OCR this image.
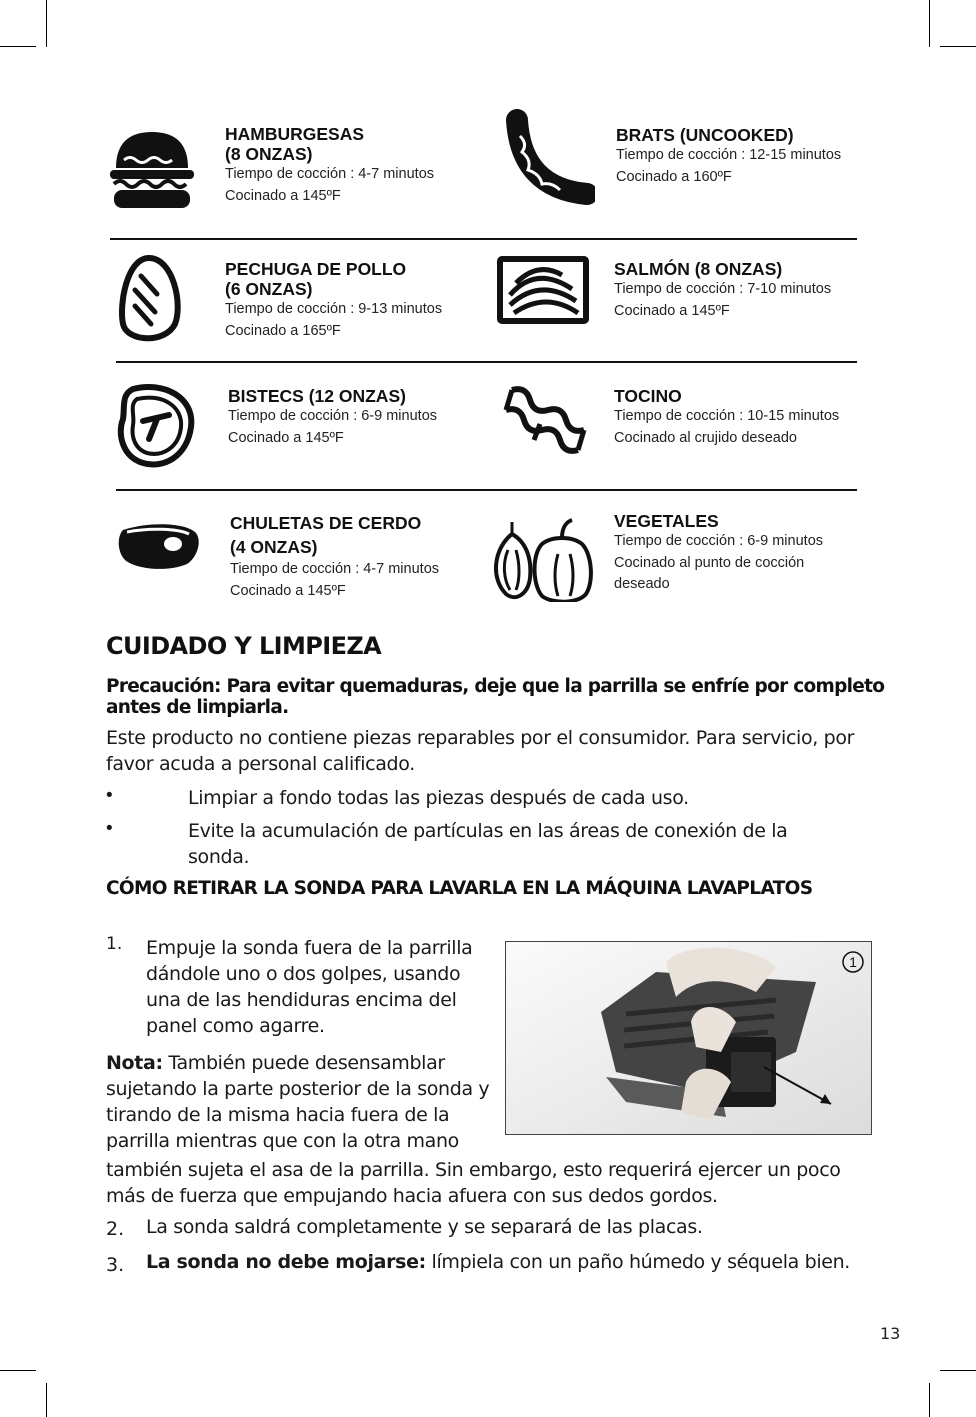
HAMBURGESAS
(8 ONZAS)
Tiempo de cocción : 4-7 minutos
Cocinado a 145ºF
BRATS (UNCOOKED)
Tiempo de cocción : 12-15 minutos
Cocinado a 160ºF
PECHUGA DE POLLO
(6 ONZAS)
Tiempo de cocción : 9-13 minutos
Cocinado a 165ºF
SALMÓN (8 ONZAS)
Tiempo de cocción : 7-10 minutos
Cocinado a 145ºF
BISTECS (12 ONZAS)
Tiempo de cocción : 6-9 minutos
Cocinado a 145ºF
TOCINO
Tiempo de cocción : 10-15 minutos
Cocinado al crujido deseado
CHULETAS DE CERDO
(4 ONZAS)
Tiempo de cocción : 4-7 minutos
Cocinado a 145ºF
VEGETALES
Tiempo de cocción : 6-9 minutos
Cocinado al punto de cocción
deseado
CUIDADO Y LIMPIEZA
Precaución: Para evitar quemaduras, deje que la parrilla se enfríe por completo antes de limpiarla.
Este producto no contiene piezas reparables por el consumidor. Para servicio, por favor acuda a personal calificado.
•	Limpiar a fondo todas las piezas después de cada uso.
•	Evite la acumulación de partículas en las áreas de conexión de la sonda.
CÓMO RETIRAR LA SONDA PARA LAVARLA EN LA MÁQUINA LAVAPLATOS
1. Empuje la sonda fuera de la parrilla dándole uno o dos golpes, usando una de las hendiduras encima del panel como agarre.
Nota: También puede desensamblar sujetando la parte posterior de la sonda y tirando de la misma hacia fuera de la parrilla mientras que con la otra mano
también sujeta el asa de la parrilla. Sin embargo, esto requerirá ejercer un poco más de fuerza que empujando hacia afuera con sus dedos gordos.
1
2. La sonda saldrá completamente y se separará de las placas.
3. La sonda no debe mojarse: límpiela con un paño húmedo y séquela bien.
13
